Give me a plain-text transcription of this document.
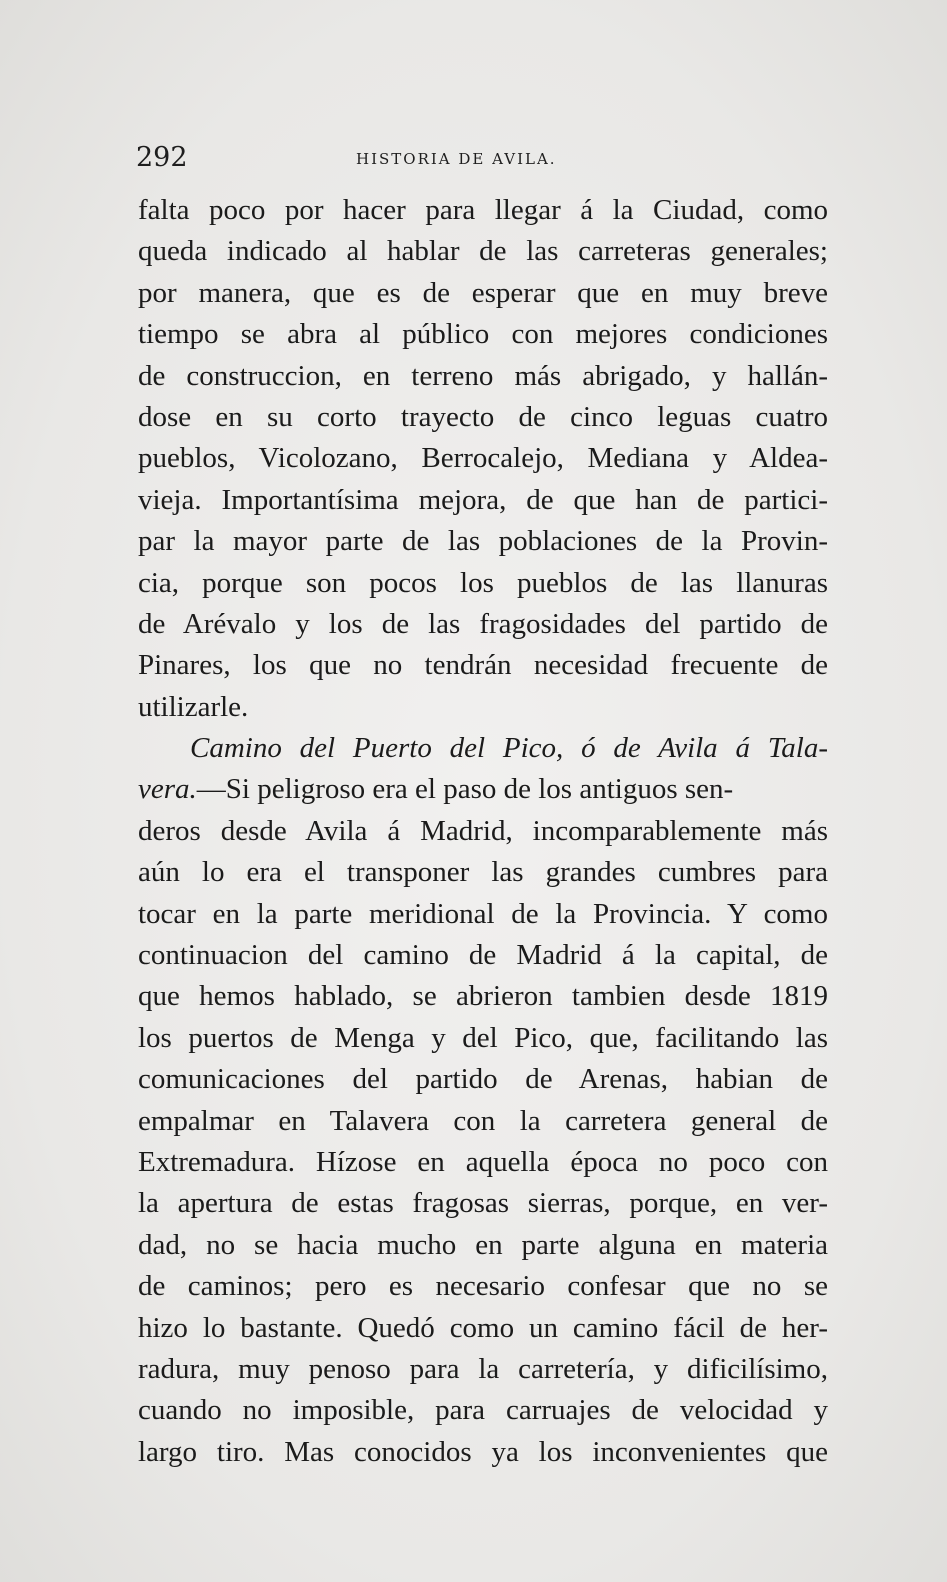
292	HISTORIA DE AVILA.
falta poco por hacer para llegar á la Ciudad, como
queda indicado al hablar de las carreteras generales;
por manera, que es de esperar que en muy breve
tiempo se abra al público con mejores condiciones
de construccion, en terreno más abrigado, y hallán-
dose en su corto trayecto de cinco leguas cuatro
pueblos, Vicolozano, Berrocalejo, Mediana y Aldea-
vieja. Importantísima mejora, de que han de partici-
par la mayor parte de las poblaciones de la Provin-
cia, porque son pocos los pueblos de las llanuras
de Arévalo y los de las fragosidades del partido de
Pinares, los que no tendrán necesidad frecuente de
utilizarle.
Camino del Puerto del Pico, ó de Avila á Tala-
vera.—Si peligroso era el paso de los antiguos sen-
deros desde Avila á Madrid, incomparablemente más
aún lo era el transponer las grandes cumbres para
tocar en la parte meridional de la Provincia. Y como
continuacion del camino de Madrid á la capital, de
que hemos hablado, se abrieron tambien desde 1819
los puertos de Menga y del Pico, que, facilitando las
comunicaciones del partido de Arenas, habian de
empalmar en Talavera con la carretera general de
Extremadura. Hízose en aquella época no poco con
la apertura de estas fragosas sierras, porque, en ver-
dad, no se hacia mucho en parte alguna en materia
de caminos; pero es necesario confesar que no se
hizo lo bastante. Quedó como un camino fácil de her-
radura, muy penoso para la carretería, y dificilísimo,
cuando no imposible, para carruajes de velocidad y
largo tiro. Mas conocidos ya los inconvenientes que
